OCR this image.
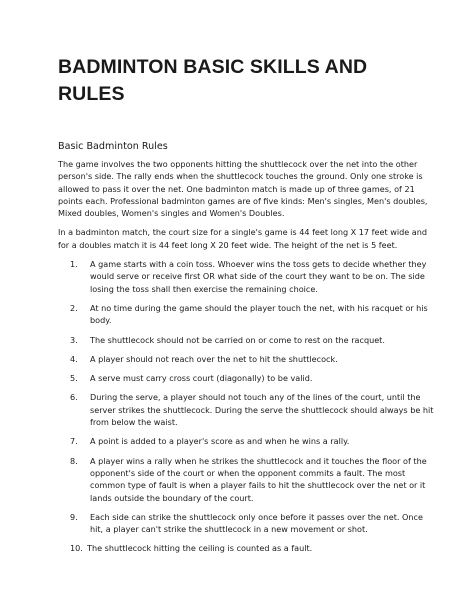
BADMINTON BASIC SKILLS AND
RULES
Basic Badminton Rules

The game involves the two opponents hitting the shuttlecock over the net into the other person's side. The rally ends when the shuttlecock touches the ground. Only one stroke is allowed to pass it over the net. One badminton match is made up of three games, of 21 points each. Professional badminton games are of five kinds: Men's singles, Men's doubles, Mixed doubles, Women's singles and Women's Doubles.

In a badminton match, the court size for a single's game is 44 feet long X 17 feet wide and for a doubles match it is 44 feet long X 20 feet wide. The height of the net is 5 feet.

1.	A game starts with a coin toss. Whoever wins the toss gets to decide whether they would serve or receive first OR what side of the court they want to be on. The side losing the toss shall then exercise the remaining choice.
2.	At no time during the game should the player touch the net, with his racquet or his body.
3.	The shuttlecock should not be carried on or come to rest on the racquet.
4.	A player should not reach over the net to hit the shuttlecock.
5.	A serve must carry cross court (diagonally) to be valid.
6.	During the serve, a player should not touch any of the lines of the court, until the server strikes the shuttlecock. During the serve the shuttlecock should always be hit from below the waist.
7.	A point is added to a player's score as and when he wins a rally.
8.	A player wins a rally when he strikes the shuttlecock and it touches the floor of the opponent's side of the court or when the opponent commits a fault. The most common type of fault is when a player fails to hit the shuttlecock over the net or it lands outside the boundary of the court.
9.	Each side can strike the shuttlecock only once before it passes over the net. Once hit, a player can't strike the shuttlecock in a new movement or shot.
10. The shuttlecock hitting the ceiling is counted as a fault.
